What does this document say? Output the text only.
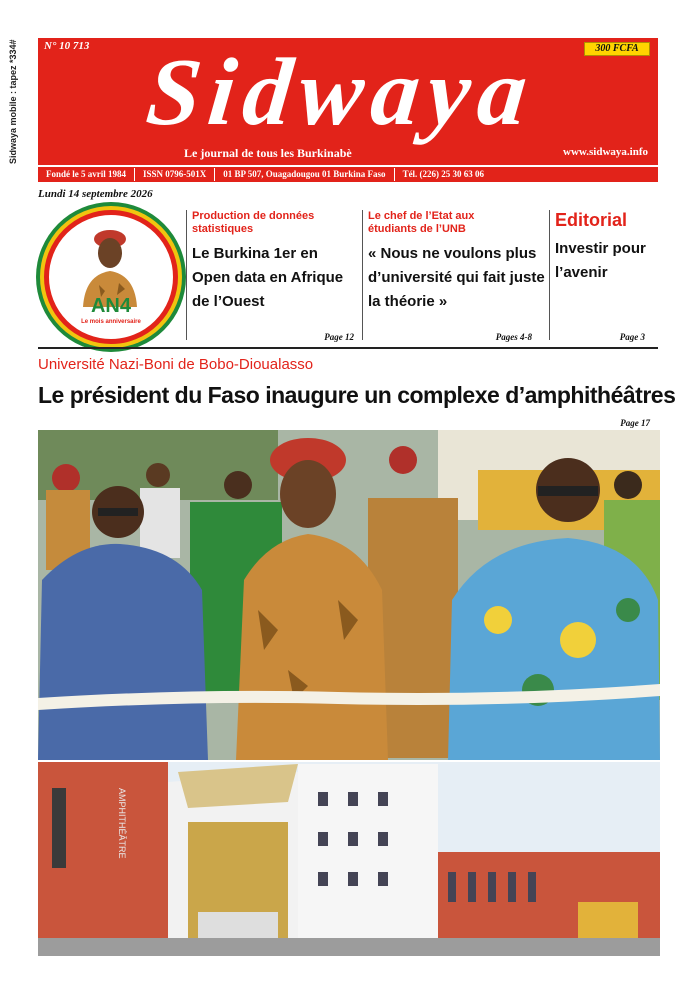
Sidwaya mobile : tapez *334# N° 10 713	300 FCFA
Sidwaya
Le journal de tous les Burkinabè	www.sidwaya.info
Fondé le 5 avril 1984	ISSN 0796-501X	01 BP 507, Ouagadougou 01 Burkina Faso	Tél. (226) 25 30 63 06
Lundi 14 septembre 2026
AN4
Le mois anniversaire
Production de données statistiques
Le Burkina 1er en Open data en Afrique de l’Ouest
Page 12
Le chef de l’Etat aux étudiants de l’UNB
« Nous ne voulons plus d’université qui fait juste la théorie »
Pages 4-8
Editorial
Investir pour l’avenir
Page 3
Université Nazi-Boni de Bobo-Dioualasso
Le président du Faso inaugure un complexe d’amphithéâtres
Page 17
AMPHITHÉÂTRE
